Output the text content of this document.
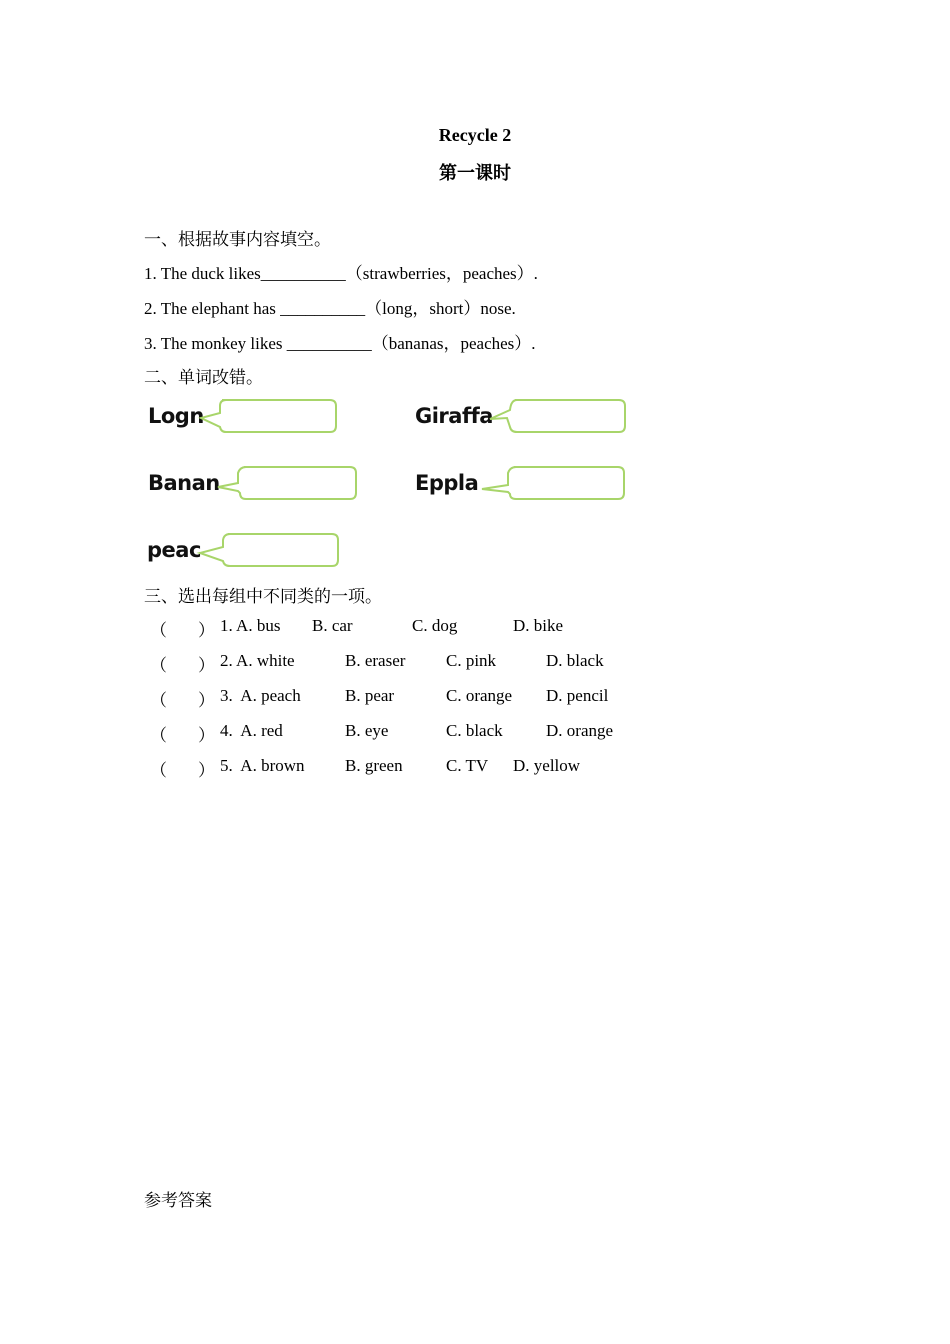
Recycle 2
第一课时
一、根据故事内容填空。
1. The duck likes__________（strawberries，peaches）.
2. The elephant has __________（long，short）nose.
3. The monkey likes __________（bananas，peaches）.
二、单词改错。
Logn	Giraffa
Banan	Eppla
peac
三、选出每组中不同类的一项。
（ ） 1. A. bus B. car	C. dog	D. bike
（ ） 2. A. white	B. eraser C. pink	D. black
（ ） 3.  A. peach	B. pear	C. orange D. pencil
（ ） 4.  A. red	B. eye	C. black	D. orange
（ ） 5.  A. brown B. green	C. TV D. yellow
参考答案
